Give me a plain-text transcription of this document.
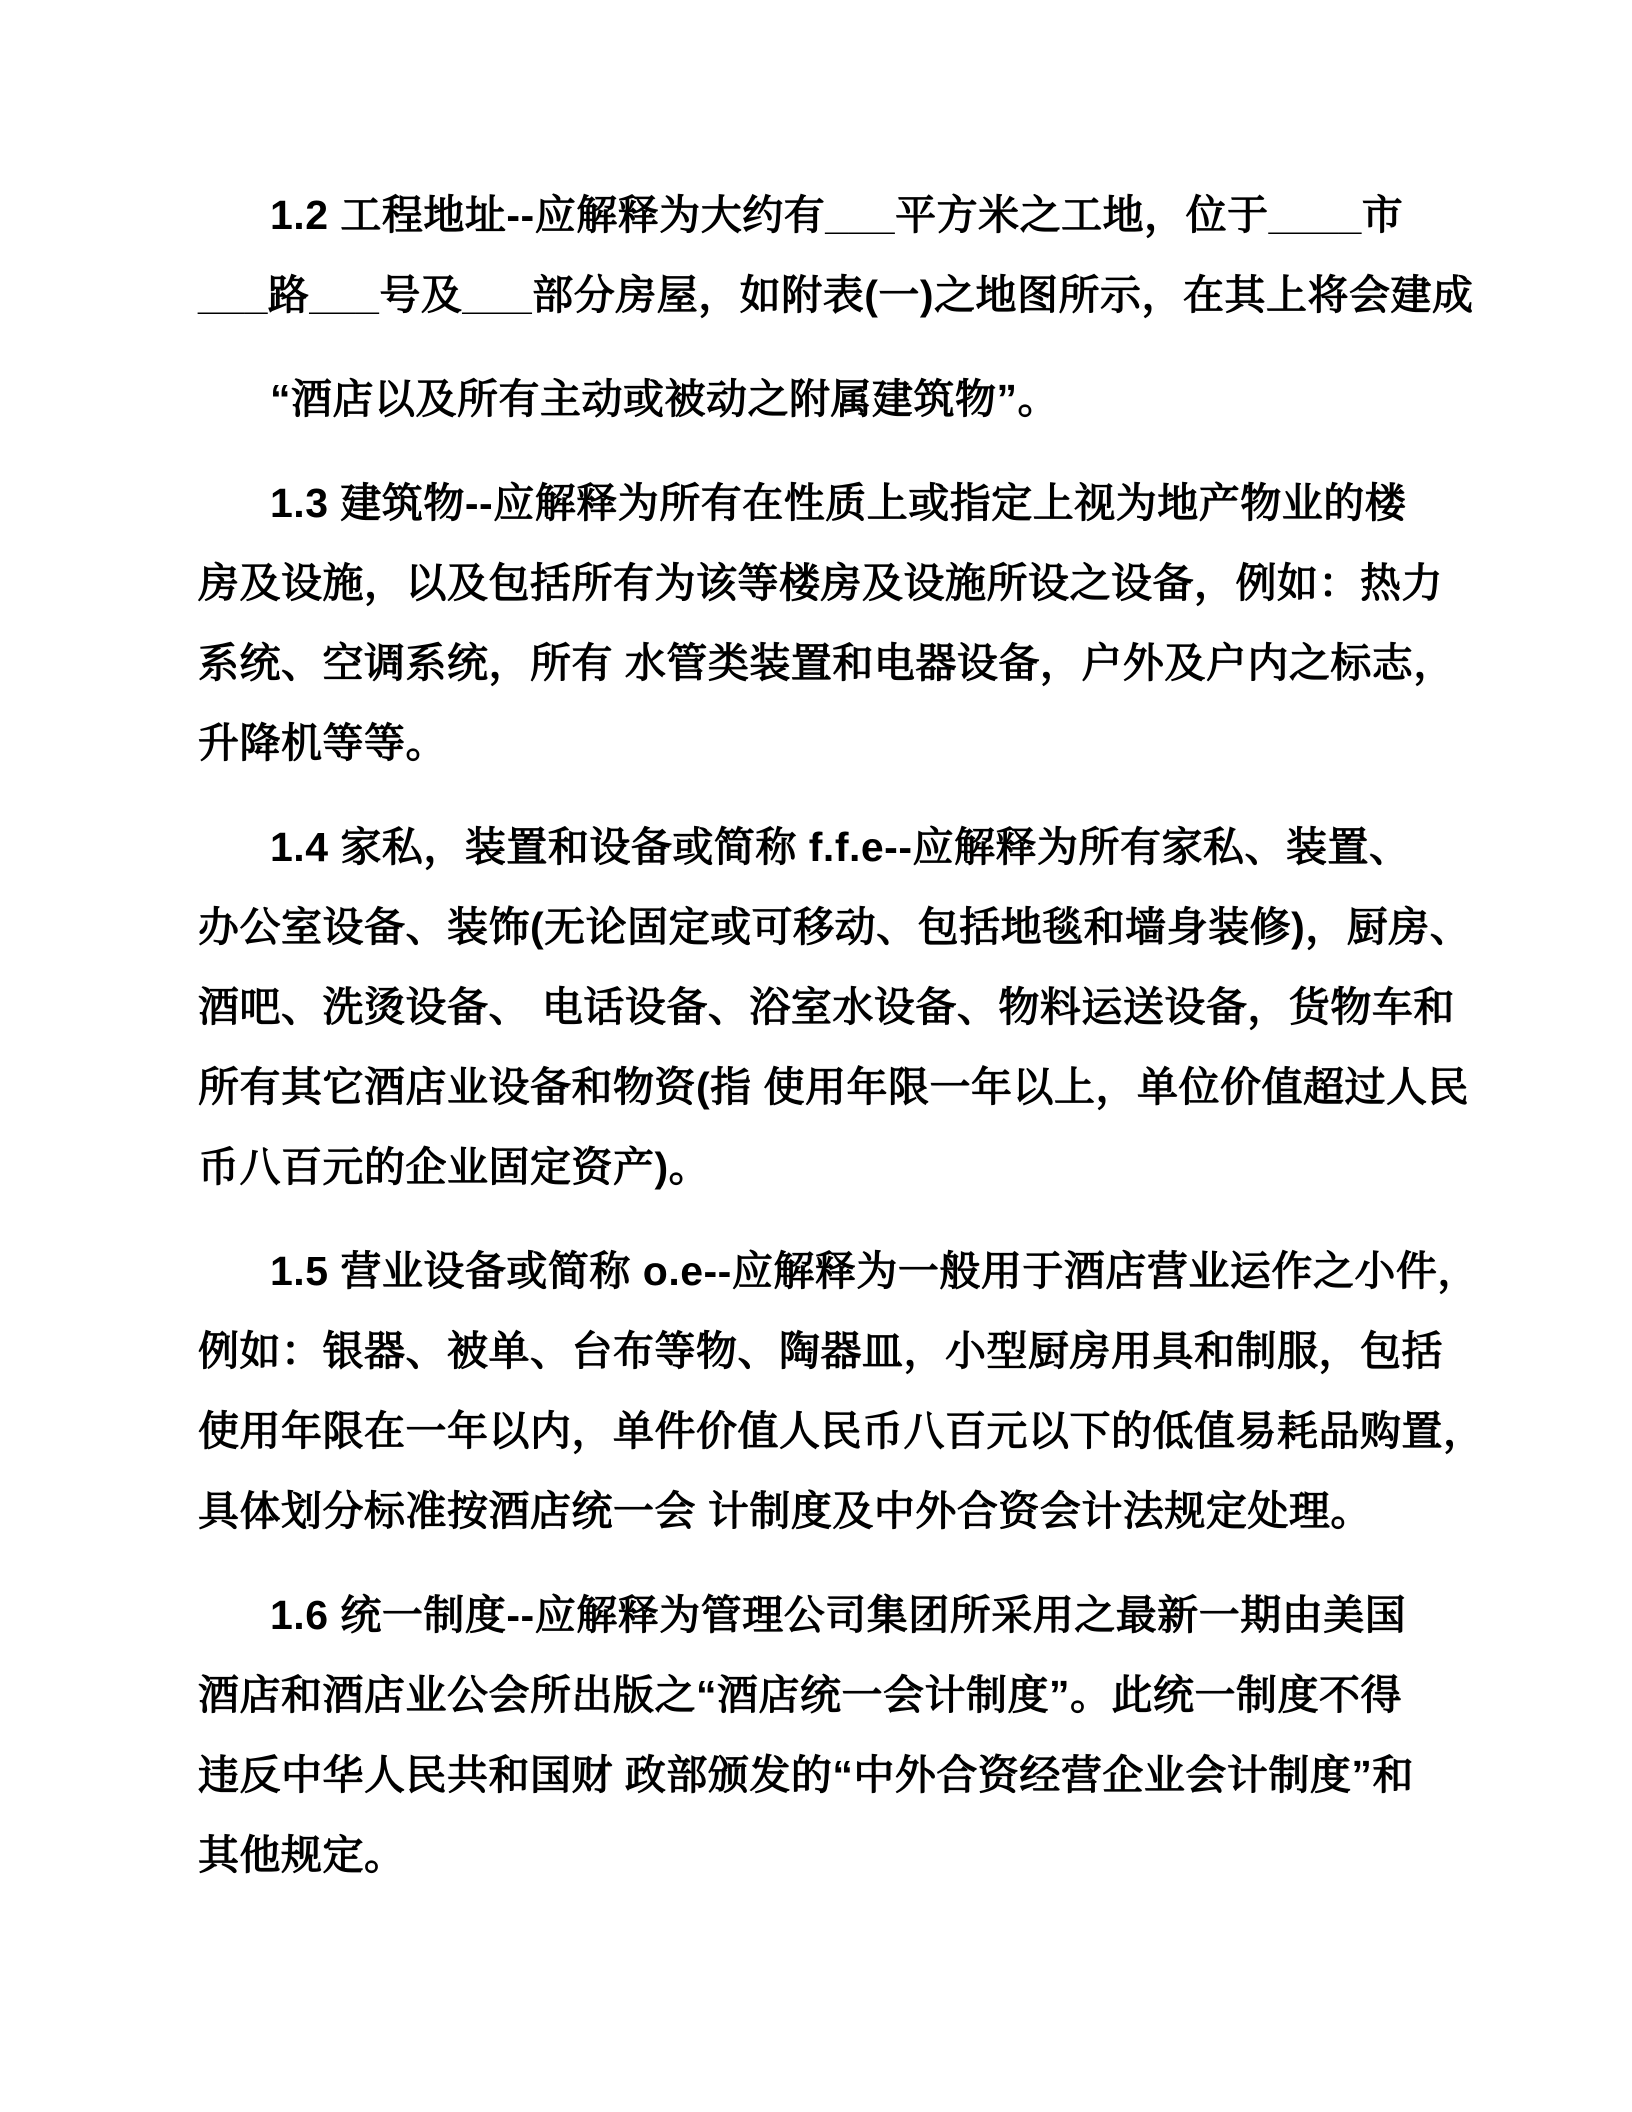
1.2 工程地址--应解释为大约有___平方米之工地，位于____市

___路___号及___部分房屋，如附表(一)之地图所示，在其上将会建成

“酒店以及所有主动或被动之附属建筑物”。

1.3 建筑物--应解释为所有在性质上或指定上视为地产物业的楼

房及设施，以及包括所有为该等楼房及设施所设之设备，例如：热力

系统、空调系统，所有 水管类装置和电器设备，户外及户内之标志，

升降机等等。

1.4 家私，装置和设备或简称 f.f.e--应解释为所有家私、装置、

办公室设备、装饰(无论固定或可移动、包括地毯和墙身装修)，厨房、

酒吧、洗烫设备、 电话设备、浴室水设备、物料运送设备，货物车和

所有其它酒店业设备和物资(指 使用年限一年以上，单位价值超过人民

币八百元的企业固定资产)。

1.5 营业设备或简称 o.e--应解释为一般用于酒店营业运作之小件，

例如：银器、被单、台布等物、陶器皿，小型厨房用具和制服，包括

使用年限在一年以内，单件价值人民币八百元以下的低值易耗品购置，

具体划分标准按酒店统一会 计制度及中外合资会计法规定处理。

1.6 统一制度--应解释为管理公司集团所采用之最新一期由美国

酒店和酒店业公会所出版之“酒店统一会计制度”。此统一制度不得

违反中华人民共和国财 政部颁发的“中外合资经营企业会计制度”和

其他规定。
